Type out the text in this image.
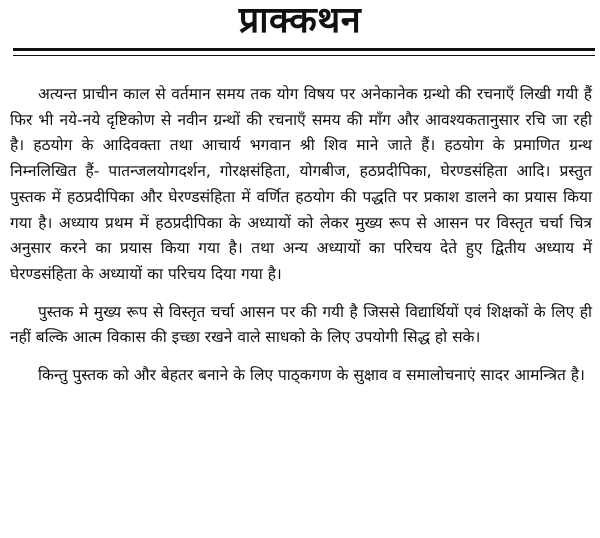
प्राक्कथन

अत्यन्त प्राचीन काल से वर्तमान समय तक योग विषय पर अनेकानेक ग्रन्थो की रचनाएँ लिखी गयी हैं फिर भी नये-नये दृष्टिकोण से नवीन ग्रन्थों की रचनाएँ समय की माँग और आवश्यकतानुसार रचि जा रही है। हठयोग के आदिवक्ता तथा आचार्य भगवान श्री शिव माने जाते हैं। हठयोग के प्रमाणित ग्रन्थ निम्नलिखित हैं- पातन्जलयोगदर्शन, गोरक्षसंहिता, योगबीज, हठप्रदीपिका, घेरण्डसंहिता आदि। प्रस्तुत पुस्तक में हठप्रदीपिका और घेरण्डसंहिता में वर्णित हठयोग की पद्धति पर प्रकाश डालने का प्रयास किया गया है। अध्याय प्रथम में हठप्रदीपिका के अध्यायों को लेकर मुख्य रूप से आसन पर विस्तृत चर्चा चित्र अनुसार करने का प्रयास किया गया है। तथा अन्य अध्यायों का परिचय देते हुए द्वितीय अध्याय में घेरण्डसंहिता के अध्यायों का परिचय दिया गया है।

पुस्तक मे मुख्य रूप से विस्तृत चर्चा आसन पर की गयी है जिससे विद्यार्थियों एवं शिक्षकों के लिए ही नहीं बल्कि आत्म विकास की इच्छा रखने वाले साधको के लिए उपयोगी सिद्ध हो सके।

किन्तु पुस्तक को और बेहतर बनाने के लिए पाठ्कगण के सुक्षाव व समालोचनाएं सादर आमन्त्रित है।
